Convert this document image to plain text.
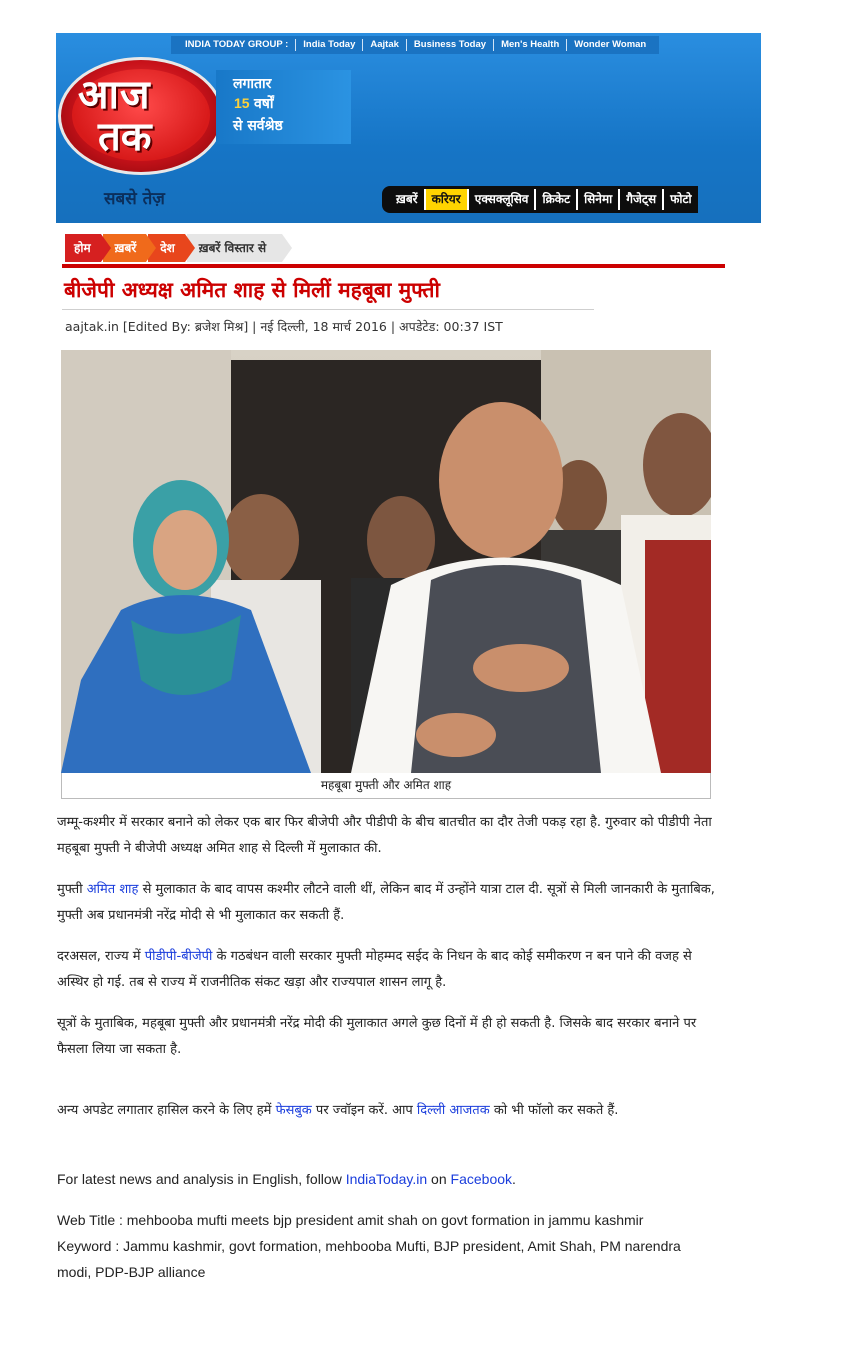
INDIA TODAY GROUP :	India Today	Aajtak	Business Today	Men's Health	Wonder Woman
आज
तक
सबसे तेज़
लगातार
15 वर्षों
से सर्वश्रेष्ठ
ख़बरें	करियर	एक्सक्लूसिव	क्रिकेट	सिनेमा	गैजेट्स	फोटो
होम	ख़बरें	देश	ख़बरें विस्तार से
बीजेपी अध्यक्ष अमित शाह से मिलीं महबूबा मुफ्ती
aajtak.in [Edited By: ब्रजेश मिश्र] | नई दिल्ली, 18 मार्च 2016 | अपडेटेड: 00:37 IST
महबूबा मुफ्ती और अमित शाह

जम्मू-कश्मीर में सरकार बनाने को लेकर एक बार फिर बीजेपी और पीडीपी के बीच बातचीत का दौर तेजी पकड़ रहा है. गुरुवार को पीडीपी नेता महबूबा मुफ्ती ने बीजेपी अध्यक्ष अमित शाह से दिल्ली में मुलाकात की.

मुफ्ती अमित शाह से मुलाकात के बाद वापस कश्मीर लौटने वाली थीं, लेकिन बाद में उन्होंने यात्रा टाल दी. सूत्रों से मिली जानकारी के मुताबिक, मुफ्ती अब प्रधानमंत्री नरेंद्र मोदी से भी मुलाकात कर सकती हैं.

दरअसल, राज्य में पीडीपी-बीजेपी के गठबंधन वाली सरकार मुफ्ती मोहम्मद सईद के निधन के बाद कोई समीकरण न बन पाने की वजह से अस्थिर हो गई. तब से राज्य में राजनीतिक संकट खड़ा और राज्यपाल शासन लागू है.

सूत्रों के मुताबिक, महबूबा मुफ्ती और प्रधानमंत्री नरेंद्र मोदी की मुलाकात अगले कुछ दिनों में ही हो सकती है. जिसके बाद सरकार बनाने पर फैसला लिया जा सकता है.

अन्य अपडेट लगातार हासिल करने के लिए हमें फेसबुक पर ज्‍वॉइन करें. आप दिल्ली आजतक को भी फॉलो कर सकते हैं.

For latest news and analysis in English, follow IndiaToday.in on Facebook.

Web Title : mehbooba mufti meets bjp president amit shah on govt formation in jammu kashmir
Keyword : Jammu kashmir, govt formation, mehbooba Mufti, BJP president, Amit Shah, PM narendra modi, PDP-BJP alliance
